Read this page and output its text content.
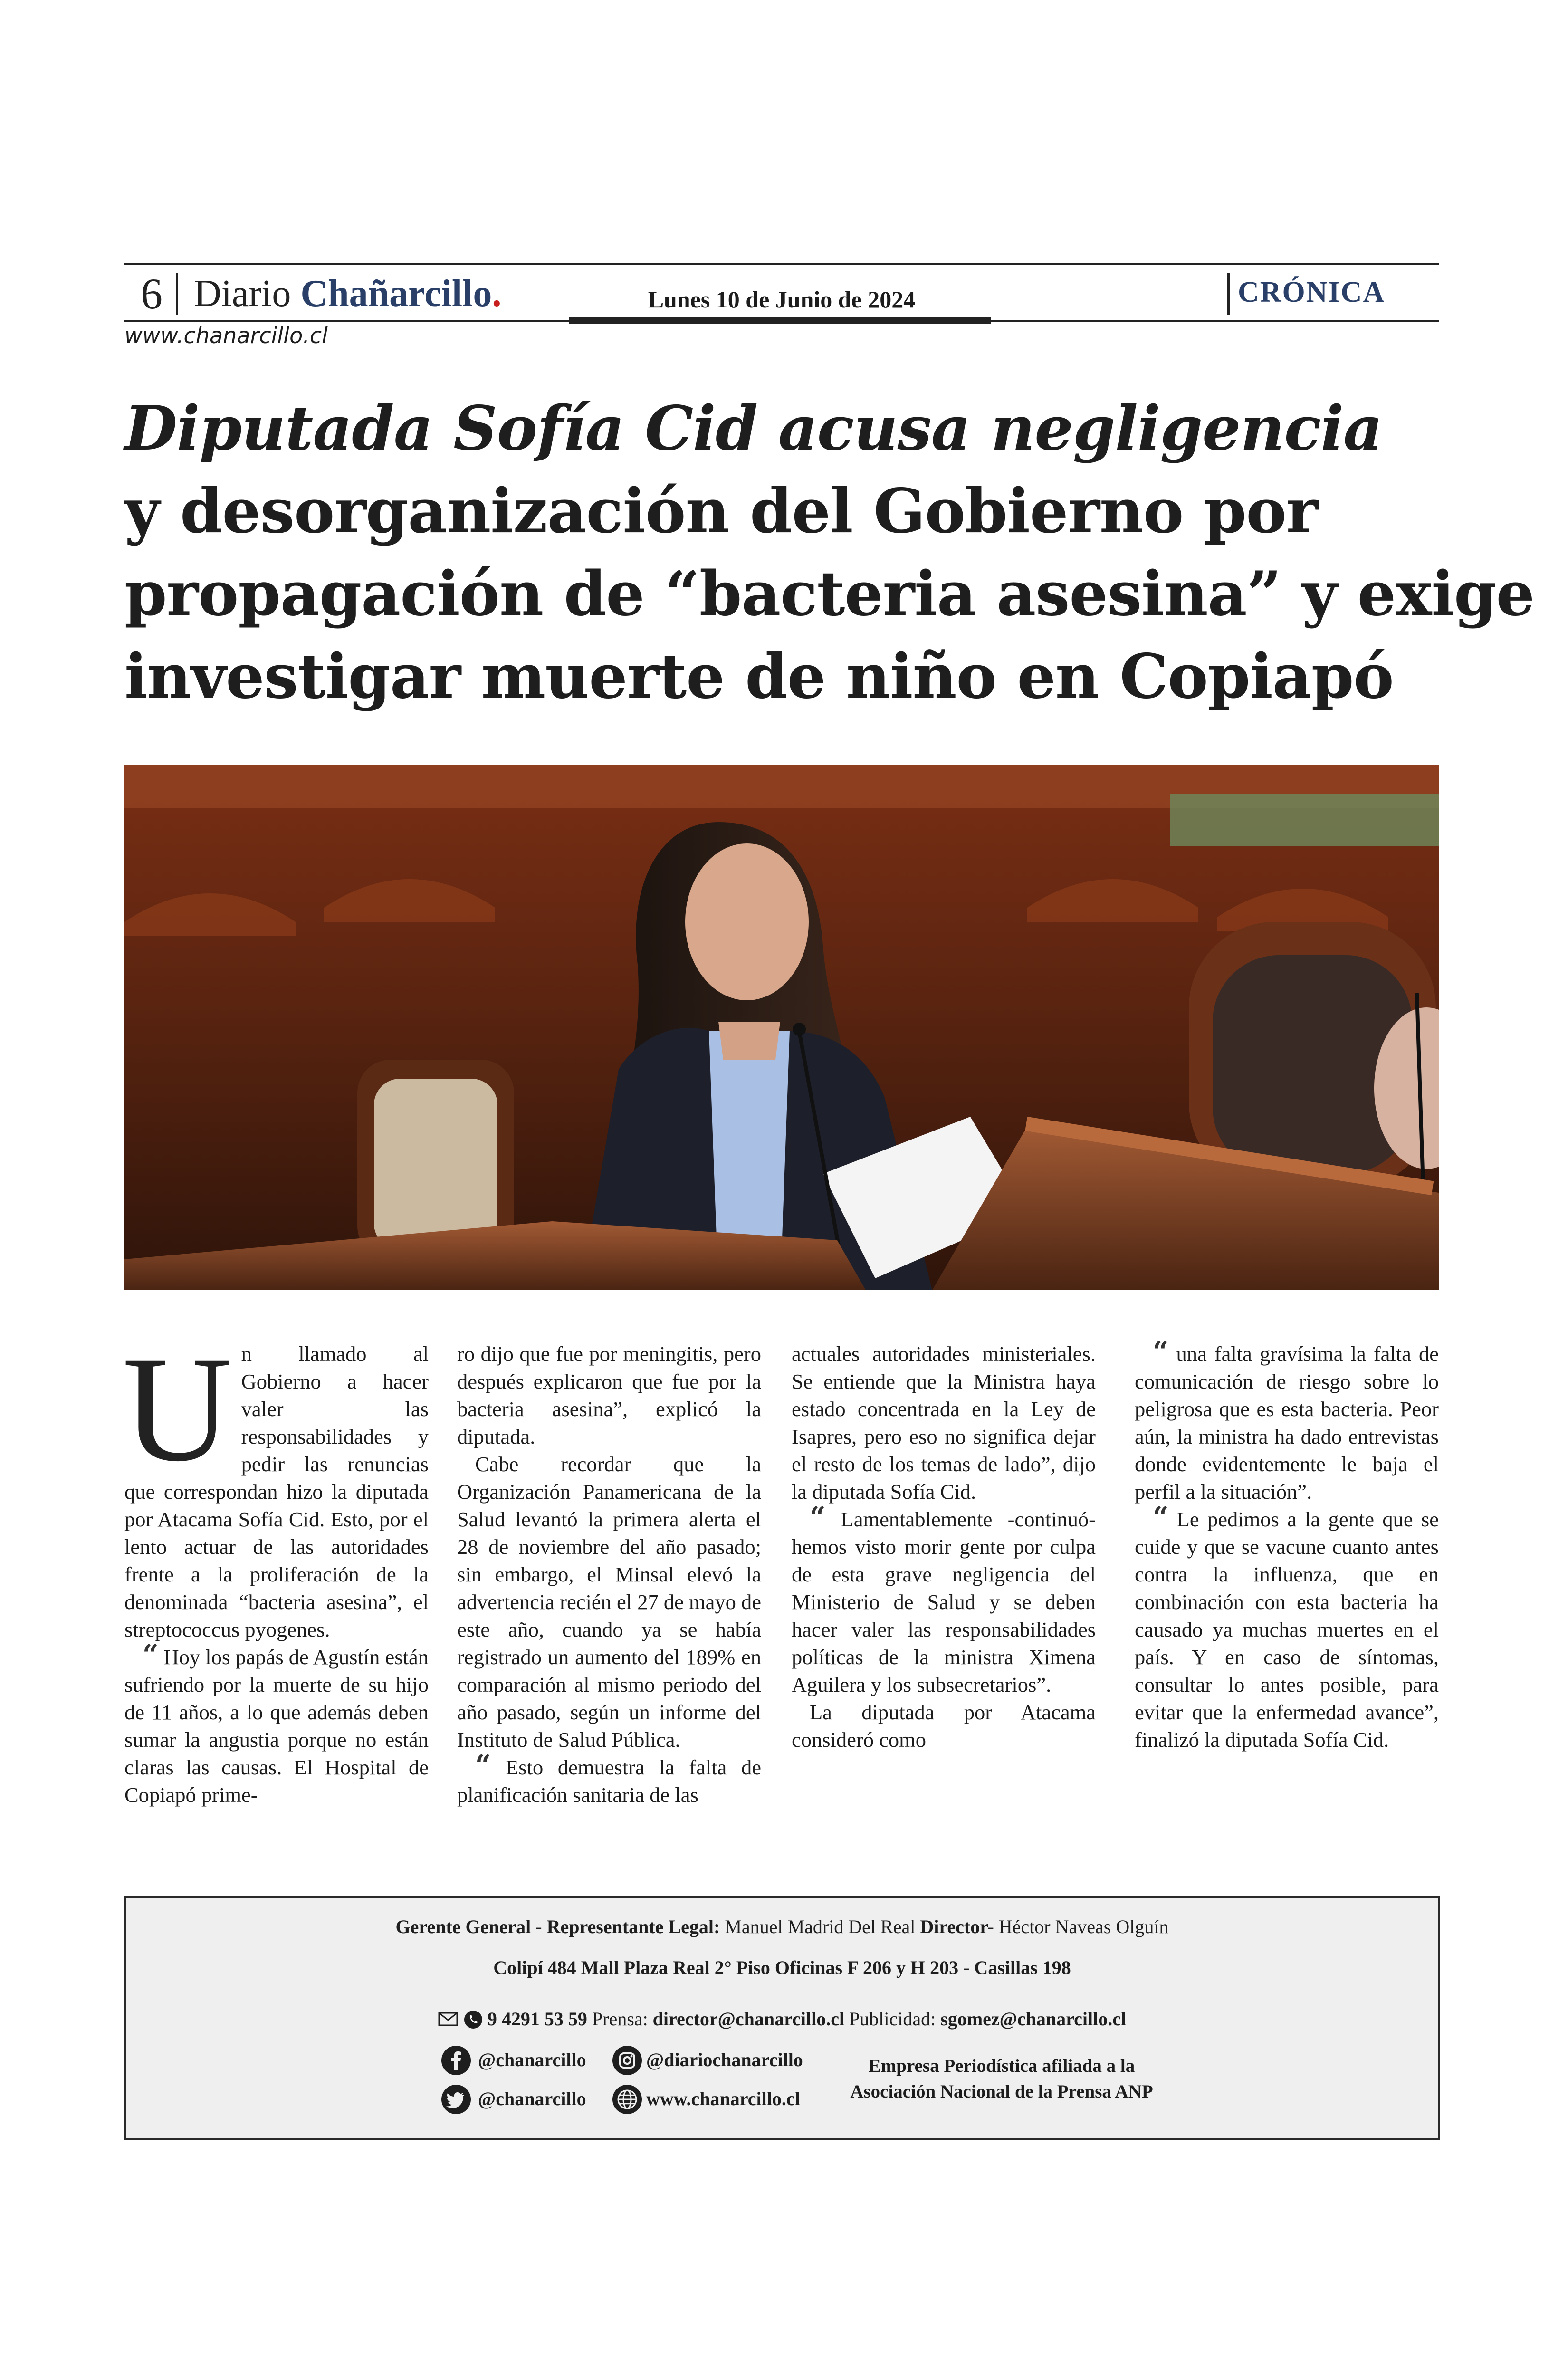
6 Diario Chañarcillo.	Lunes 10 de Junio de 2024	CRÓNICA
www.chanarcillo.cl
Diputada Sofía Cid acusa negligencia
y desorganización del Gobierno por
propagación de “bacteria asesina” y exige
investigar muerte de niño en Copiapó

Un llamado al Gobierno a hacer valer las responsabilidades y pedir las renuncias que correspondan hizo la diputada por Atacama Sofía Cid. Esto, por el lento actuar de las autoridades frente a la proliferación de la denominada “bacteria asesina”, el streptococcus pyogenes.

“ Hoy los papás de Agustín están sufriendo por la muerte de su hijo de 11 años, a lo que además deben sumar la angustia porque no están claras las causas. El Hospital de Copiapó prime-

ro dijo que fue por meningitis, pero después explicaron que fue por la bacteria asesina”, explicó la diputada.

Cabe recordar que la Organización Panamericana de la Salud levantó la primera alerta el 28 de noviembre del año pasado; sin embargo, el Minsal elevó la advertencia recién el 27 de mayo de este año, cuando ya se había registrado un aumento del 189% en comparación al mismo periodo del año pasado, según un informe del Instituto de Salud Pública.

“ Esto demuestra la falta de planificación sanitaria de las

actuales autoridades ministeriales. Se entiende que la Ministra haya estado concentrada en la Ley de Isapres, pero eso no significa dejar el resto de los temas de lado”, dijo la diputada Sofía Cid.

“ Lamentablemente -continuó- hemos visto morir gente por culpa de esta grave negligencia del Ministerio de Salud y se deben hacer valer las responsabilidades políticas de la ministra Ximena Aguilera y los subsecretarios”.

La diputada por Atacama consideró como

“ una falta gravísima la falta de comunicación de riesgo sobre lo peligrosa que es esta bacteria. Peor aún, la ministra ha dado entrevistas donde evidentemente le baja el perfil a la situación”.

“ Le pedimos a la gente que se cuide y que se vacune cuanto antes contra la influenza, que en combinación con esta bacteria ha causado ya muchas muertes en el país. Y en caso de síntomas, consultar lo antes posible, para evitar que la enfermedad avance”, finalizó la diputada Sofía Cid.

Gerente General - Representante Legal: Manuel Madrid Del Real Director- Héctor Naveas Olguín
Colipí 484 Mall Plaza Real 2° Piso Oficinas F 206 y H 203 - Casillas 198
9 4291 53 59 Prensa: director@chanarcillo.cl Publicidad: sgomez@chanarcillo.cl
@chanarcillo	@diariochanarcillo
@chanarcillo	www.chanarcillo.cl
Empresa Periodística afiliada a la
Asociación Nacional de la Prensa ANP
